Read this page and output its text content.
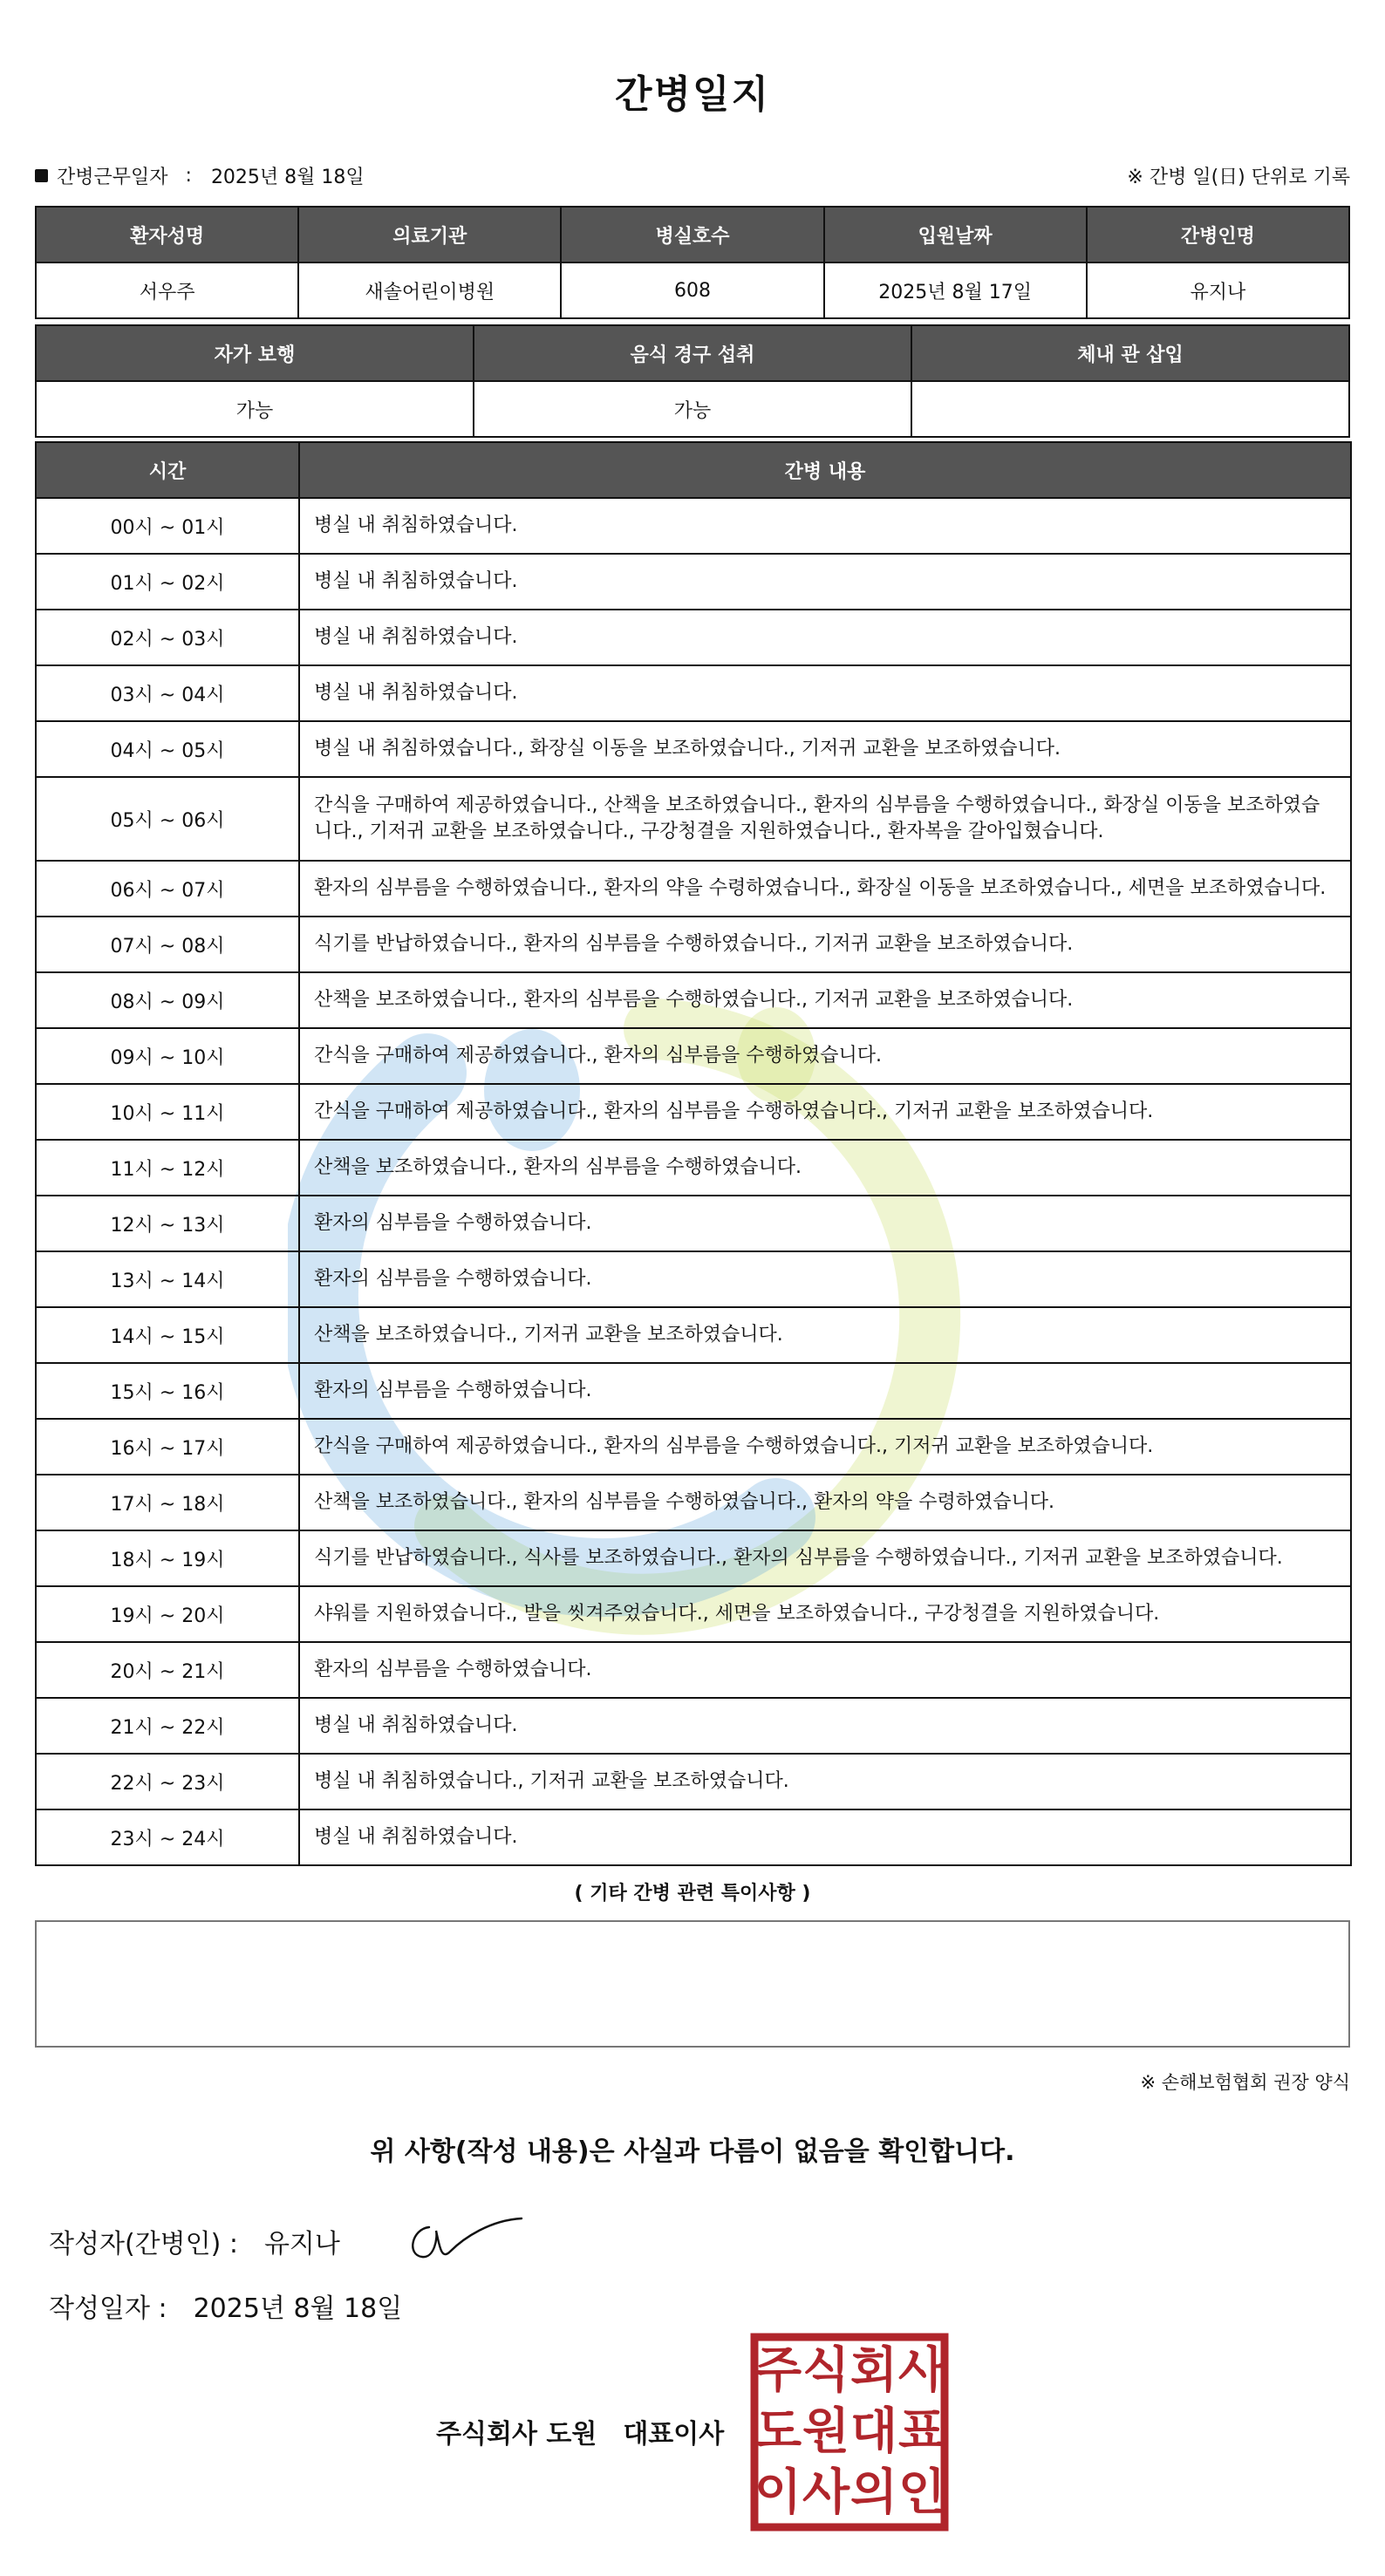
간병일지
간병근무일자 : 2025년 8월 18일	※ 간병 일(日) 단위로 기록
환자성명	의료기관	병실호수	입원날짜	간병인명
서우주	새솔어린이병원	608	2025년 8월 17일	유지나
자가 보행	음식 경구 섭취	체내 관 삽입
가능	가능	
시간	간병 내용
00시 ~ 01시	병실 내 취침하였습니다.
01시 ~ 02시	병실 내 취침하였습니다.
02시 ~ 03시	병실 내 취침하였습니다.
03시 ~ 04시	병실 내 취침하였습니다.
04시 ~ 05시	병실 내 취침하였습니다., 화장실 이동을 보조하였습니다., 기저귀 교환을 보조하였습니다.
05시 ~ 06시	간식을 구매하여 제공하였습니다., 산책을 보조하였습니다., 환자의 심부름을 수행하였습니다., 화장실 이동을 보조하였습니다., 기저귀 교환을 보조하였습니다., 구강청결을 지원하였습니다., 환자복을 갈아입혔습니다.
06시 ~ 07시	환자의 심부름을 수행하였습니다., 환자의 약을 수령하였습니다., 화장실 이동을 보조하였습니다., 세면을 보조하였습니다.
07시 ~ 08시	식기를 반납하였습니다., 환자의 심부름을 수행하였습니다., 기저귀 교환을 보조하였습니다.
08시 ~ 09시	산책을 보조하였습니다., 환자의 심부름을 수행하였습니다., 기저귀 교환을 보조하였습니다.
09시 ~ 10시	간식을 구매하여 제공하였습니다., 환자의 심부름을 수행하였습니다.
10시 ~ 11시	간식을 구매하여 제공하였습니다., 환자의 심부름을 수행하였습니다., 기저귀 교환을 보조하였습니다.
11시 ~ 12시	산책을 보조하였습니다., 환자의 심부름을 수행하였습니다.
12시 ~ 13시	환자의 심부름을 수행하였습니다.
13시 ~ 14시	환자의 심부름을 수행하였습니다.
14시 ~ 15시	산책을 보조하였습니다., 기저귀 교환을 보조하였습니다.
15시 ~ 16시	환자의 심부름을 수행하였습니다.
16시 ~ 17시	간식을 구매하여 제공하였습니다., 환자의 심부름을 수행하였습니다., 기저귀 교환을 보조하였습니다.
17시 ~ 18시	산책을 보조하였습니다., 환자의 심부름을 수행하였습니다., 환자의 약을 수령하였습니다.
18시 ~ 19시	식기를 반납하였습니다., 식사를 보조하였습니다., 환자의 심부름을 수행하였습니다., 기저귀 교환을 보조하였습니다.
19시 ~ 20시	샤워를 지원하였습니다., 발을 씻겨주었습니다., 세면을 보조하였습니다., 구강청결을 지원하였습니다.
20시 ~ 21시	환자의 심부름을 수행하였습니다.
21시 ~ 22시	병실 내 취침하였습니다.
22시 ~ 23시	병실 내 취침하였습니다., 기저귀 교환을 보조하였습니다.
23시 ~ 24시	병실 내 취침하였습니다.
( 기타 간병 관련 특이사항 )
※ 손해보험협회 권장 양식
위 사항(작성 내용)은 사실과 다름이 없음을 확인합니다.
작성자(간병인) : 유지나
작성일자 : 2025년 8월 18일
주식회사 도원 대표이사
주 식 회 사
도 원 대 표
이 사 의 인
